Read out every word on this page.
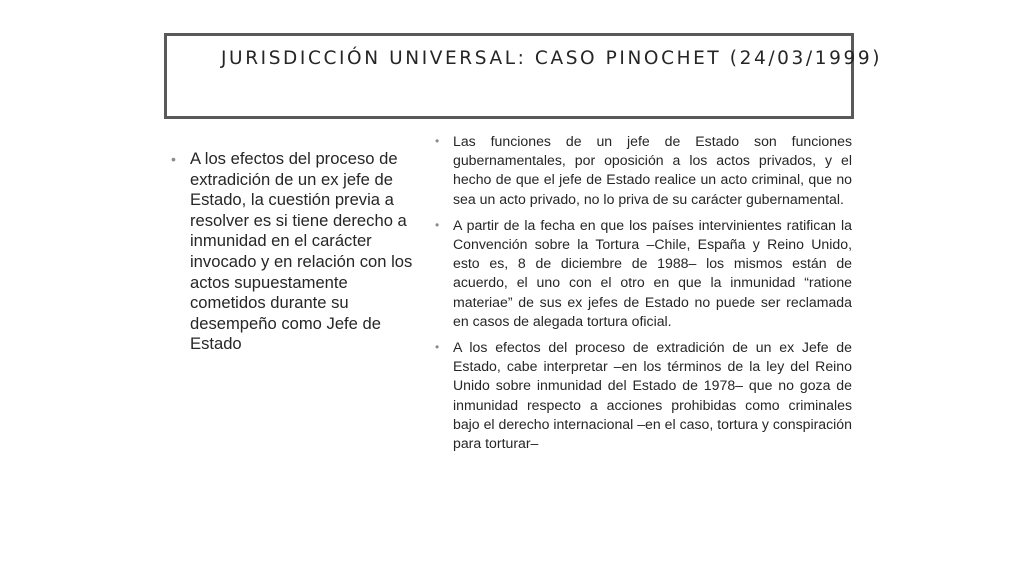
JURISDICCIÓN UNIVERSAL: CASO PINOCHET (24/03/1999)
• A los efectos del proceso de extradición de un ex jefe de Estado, la cuestión previa a resolver es si tiene derecho a inmunidad en el carácter invocado y en relación con los actos supuestamente cometidos durante su desempeño como Jefe de Estado
• Las funciones de un jefe de Estado son funciones gubernamentales, por oposición a los actos privados, y el hecho de que el jefe de Estado realice un acto criminal, que no sea un acto privado, no lo priva de su carácter gubernamental.
• A partir de la fecha en que los países intervinientes ratifican la Convención sobre la Tortura –Chile, España y Reino Unido, esto es, 8 de diciembre de 1988– los mismos están de acuerdo, el uno con el otro en que la inmunidad “ratione materiae” de sus ex jefes de Estado no puede ser reclamada en casos de alegada tortura oficial.
• A los efectos del proceso de extradición de un ex Jefe de Estado, cabe interpretar –en los términos de la ley del Reino Unido sobre inmunidad del Estado de 1978– que no goza de inmunidad respecto a acciones prohibidas como criminales bajo el derecho internacional –en el caso, tortura y conspiración para torturar–
